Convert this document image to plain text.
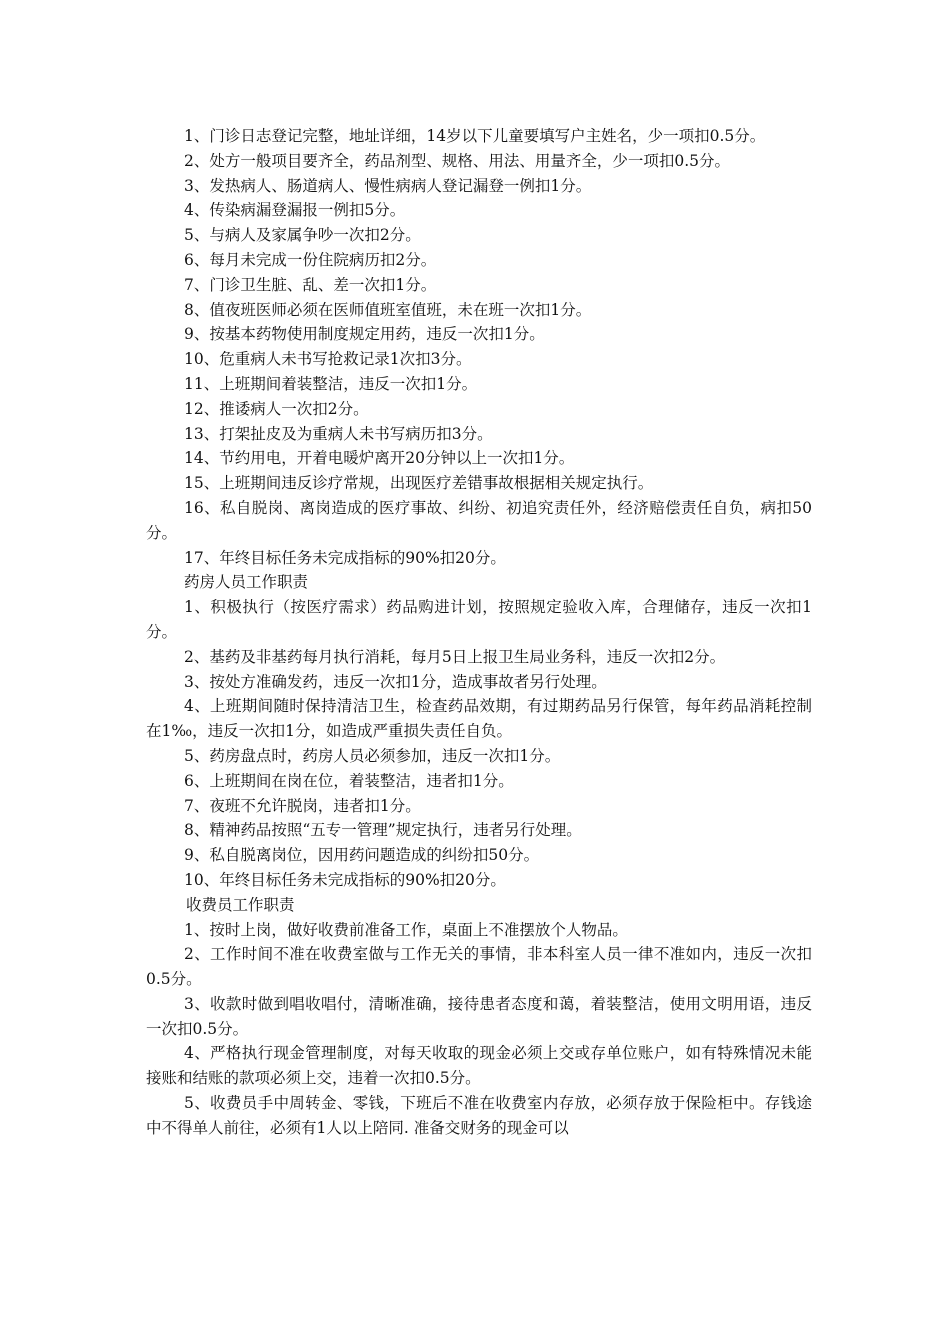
1、门诊日志登记完整，地址详细，14岁以下儿童要填写户主姓名，少一项扣0.5分。

2、处方一般项目要齐全，药品剂型、规格、用法、用量齐全，少一项扣0.5分。

3、发热病人、肠道病人、慢性病病人登记漏登一例扣1分。

4、传染病漏登漏报一例扣5分。

5、与病人及家属争吵一次扣2分。

6、每月未完成一份住院病历扣2分。

7、门诊卫生脏、乱、差一次扣1分。

8、值夜班医师必须在医师值班室值班，未在班一次扣1分。

9、按基本药物使用制度规定用药，违反一次扣1分。

10、危重病人未书写抢救记录1次扣3分。

11、上班期间着装整洁，违反一次扣1分。

12、推诿病人一次扣2分。

13、打架扯皮及为重病人未书写病历扣3分。

14、节约用电，开着电暖炉离开20分钟以上一次扣1分。

15、上班期间违反诊疗常规，出现医疗差错事故根据相关规定执行。

16、私自脱岗、离岗造成的医疗事故、纠纷、初追究责任外，经济赔偿责任自负，病扣50分。

17、年终目标任务未完成指标的90%扣20分。

药房人员工作职责

1、积极执行（按医疗需求）药品购进计划，按照规定验收入库，合理储存，违反一次扣1分。

2、基药及非基药每月执行消耗，每月5日上报卫生局业务科，违反一次扣2分。

3、按处方准确发药，违反一次扣1分，造成事故者另行处理。

4、上班期间随时保持清洁卫生，检查药品效期，有过期药品另行保管，每年药品消耗控制在1‰，违反一次扣1分，如造成严重损失责任自负。

5、药房盘点时，药房人员必须参加，违反一次扣1分。

6、上班期间在岗在位，着装整洁，违者扣1分。

7、夜班不允许脱岗，违者扣1分。

8、精神药品按照“五专一管理”规定执行，违者另行处理。

9、私自脱离岗位，因用药问题造成的纠纷扣50分。

10、年终目标任务未完成指标的90%扣20分。

收费员工作职责

1、按时上岗，做好收费前准备工作，桌面上不准摆放个人物品。

2、工作时间不准在收费室做与工作无关的事情，非本科室人员一律不准如内，违反一次扣0.5分。

3、收款时做到唱收唱付，清晰准确，接待患者态度和蔼，着装整洁，使用文明用语，违反一次扣0.5分。

4、严格执行现金管理制度，对每天收取的现金必须上交或存单位账户，如有特殊情况未能接账和结账的款项必须上交，违着一次扣0.5分。

5、收费员手中周转金、零钱，下班后不准在收费室内存放，必须存放于保险柜中。存钱途中不得单人前往，必须有1人以上陪同. 准备交财务的现金可以
